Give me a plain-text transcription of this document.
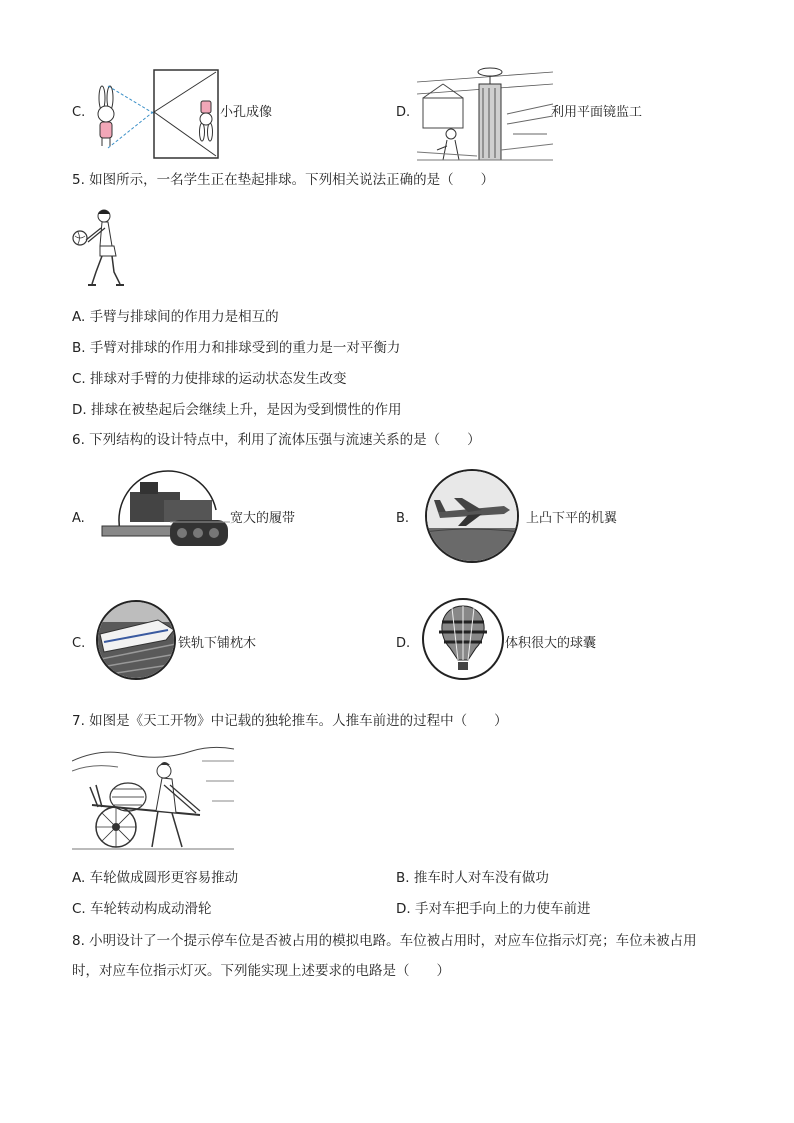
C.	小孔成像	D.	利用平面镜监工
5. 如图所示，一名学生正在垫起排球。下列相关说法正确的是（　　）
A. 手臂与排球间的作用力是相互的
B. 手臂对排球的作用力和排球受到的重力是一对平衡力
C. 排球对手臂的力使排球的运动状态发生改变
D. 排球在被垫起后会继续上升，是因为受到惯性的作用
6. 下列结构的设计特点中，利用了流体压强与流速关系的是（　　）
A.	宽大的履带	B.	上凸下平的机翼
C.	铁轨下铺枕木	D.	体积很大的球囊
7. 如图是《天工开物》中记载的独轮推车。人推车前进的过程中（　　）
A. 车轮做成圆形更容易推动	B. 推车时人对车没有做功
C. 车轮转动构成动滑轮	D. 手对车把手向上的力使车前进
8. 小明设计了一个提示停车位是否被占用的模拟电路。车位被占用时，对应车位指示灯亮；车位未被占用
时，对应车位指示灯灭。下列能实现上述要求的电路是（　　）
